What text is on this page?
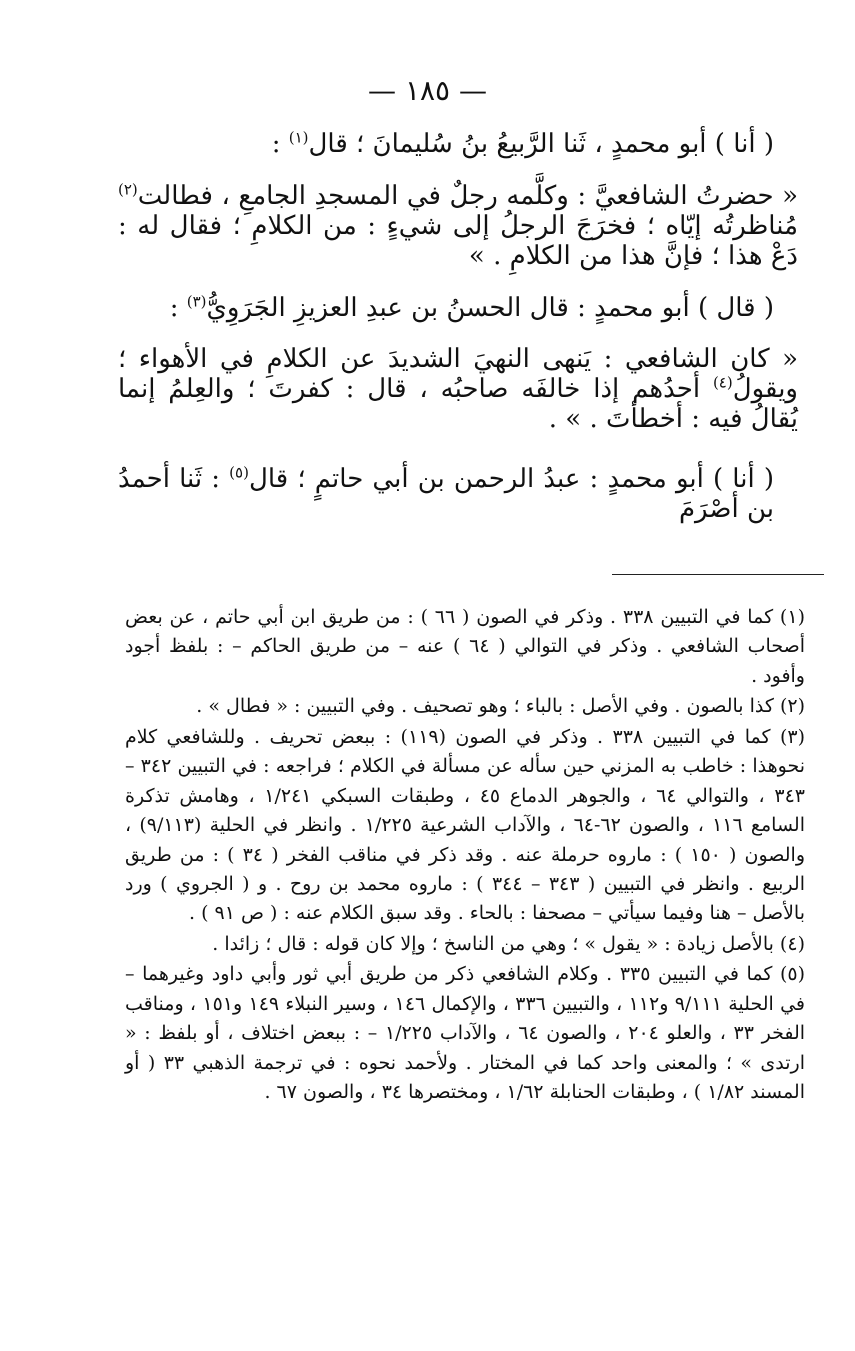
— ١٨٥ —

( أنا ) أبو محمدٍ ، ثَنا الرَّبيعُ بنُ سُليمانَ ؛ قال$^{(١)}$ :

« حضرتُ الشافعيَّ : وكلَّمه رجلٌ في المسجدِ الجامعِ ، فطالت$^{(٢)}$ مُناظرتُه إيّاه ؛ فخرَجَ الرجلُ إلى شيءٍ : من الكلامِ ؛ فقال له : دَعْ هذا ؛ فإنَّ هذا من الكلامِ . »

( قال ) أبو محمدٍ : قال الحسنُ بن عبدِ العزيزِ الجَرَوِيُّ$^{(٣)}$ :

« كان الشافعي : يَنهى النهيَ الشديدَ عن الكلامِ في الأهواء ؛ ويقولُ$^{(٤)}$ أحدُهم إذا خالفَه صاحبُه ، قال : كفرتَ ؛ والعِلمُ إنما يُقالُ فيه : أخطأتَ . » .

( أنا ) أبو محمدٍ : عبدُ الرحمن بن أبي حاتمٍ ؛ قال$^{(٥)}$ : ثَنا أحمدُ بن أصْرَمَ

(١) كما في التبيين ٣٣٨ . وذكر في الصون ( ٦٦ ) : من طريق ابن أبي حاتم ، عن بعض أصحاب الشافعي . وذكر في التوالي ( ٦٤ ) عنه – من طريق الحاكم – : بلفظ أجود وأفود .

(٢) كذا بالصون . وفي الأصل : بالباء ؛ وهو تصحيف . وفي التبيين : « فطال » .

(٣) كما في التبيين ٣٣٨ . وذكر في الصون (١١٩) : ببعض تحريف . وللشافعي كلام نحوهذا : خاطب به المزني حين سأله عن مسألة في الكلام ؛ فراجعه : في التبيين ٣٤٢ – ٣٤٣ ، والتوالي ٦٤ ، والجوهر الدماع ٤٥ ، وطبقات السبكي ١/٢٤١ ، وهامش تذكرة السامع ١١٦ ، والصون ٦٢-٦٤ ، والآداب الشرعية ١/٢٢٥ . وانظر في الحلية (٩/١١٣) ، والصون ( ١٥٠ ) : ماروه حرملة عنه . وقد ذكر في مناقب الفخر ( ٣٤ ) : من طريق الربيع . وانظر في التبيين ( ٣٤٣ – ٣٤٤ ) : ماروه محمد بن روح . و ( الجروي ) ورد بالأصل – هنا وفيما سيأتي – مصحفا : بالحاء . وقد سبق الكلام عنه : ( ص ٩١ ) .

(٤) بالأصل زيادة : « يقول » ؛ وهي من الناسخ ؛ وإلا كان قوله : قال ؛ زائدا .

(٥) كما في التبيين ٣٣٥ . وكلام الشافعي ذكر من طريق أبي ثور وأبي داود وغيرهما – في الحلية ٩/١١١ و١١٢ ، والتبيين ٣٣٦ ، والإكمال ١٤٦ ، وسير النبلاء ١٤٩ و١٥١ ، ومناقب الفخر ٣٣ ، والعلو ٢٠٤ ، والصون ٦٤ ، والآداب ١/٢٢٥ – : ببعض اختلاف ، أو بلفظ : « ارتدى » ؛ والمعنى واحد كما في المختار . ولأحمد نحوه : في ترجمة الذهبي ٣٣ ( أو المسند ١/٨٢ ) ، وطبقات الحنابلة ١/٦٢ ، ومختصرها ٣٤ ، والصون ٦٧ .
